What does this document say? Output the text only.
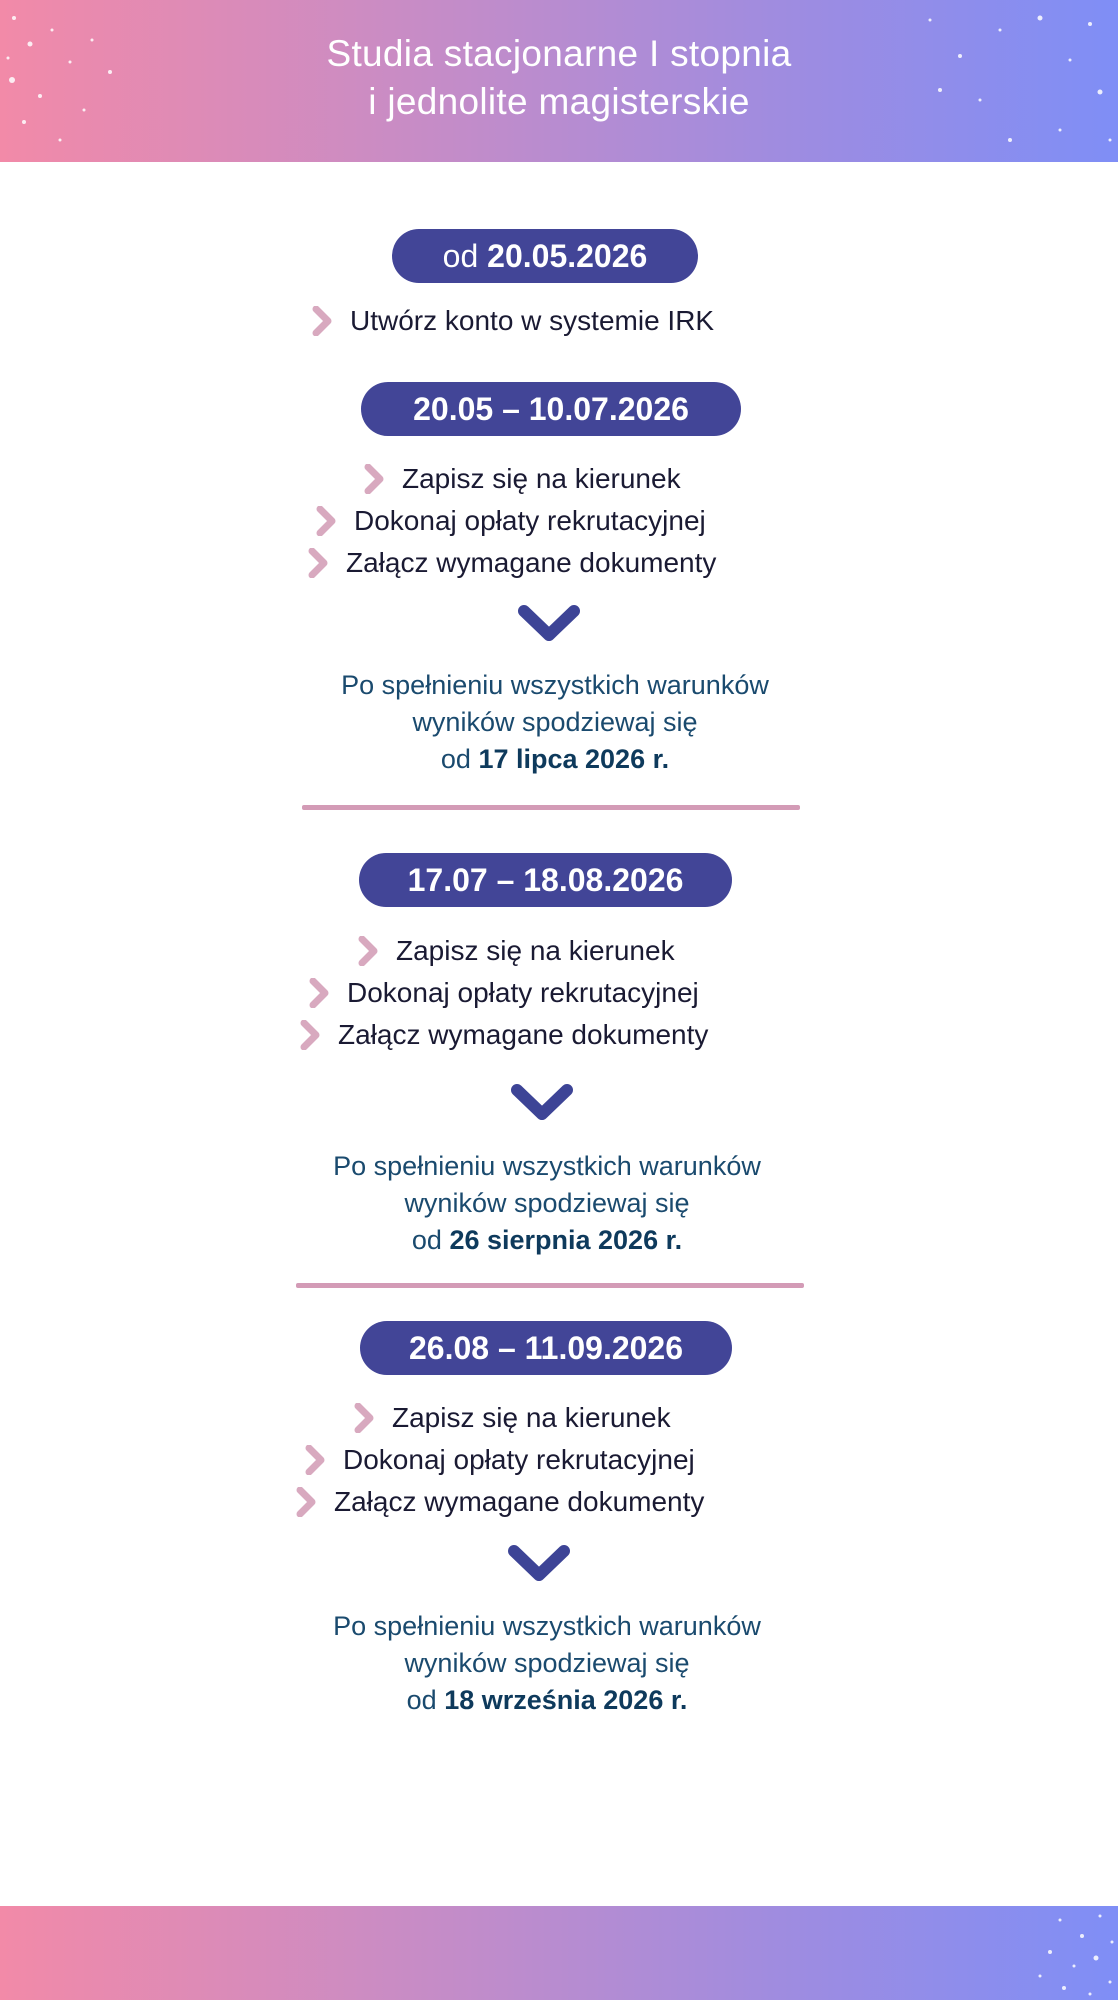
Studia stacjonarne I stopnia
i jednolite magisterskie
od 20.05.2026
Utwórz konto w systemie IRK
20.05 – 10.07.2026
Zapisz się na kierunek
Dokonaj opłaty rekrutacyjnej
Załącz wymagane dokumenty
Po spełnieniu wszystkich warunków
wyników spodziewaj się
od 17 lipca 2026 r.
17.07 – 18.08.2026
Zapisz się na kierunek
Dokonaj opłaty rekrutacyjnej
Załącz wymagane dokumenty
Po spełnieniu wszystkich warunków
wyników spodziewaj się
od 26 sierpnia 2026 r.
26.08 – 11.09.2026
Zapisz się na kierunek
Dokonaj opłaty rekrutacyjnej
Załącz wymagane dokumenty
Po spełnieniu wszystkich warunków
wyników spodziewaj się
od 18 września 2026 r.
